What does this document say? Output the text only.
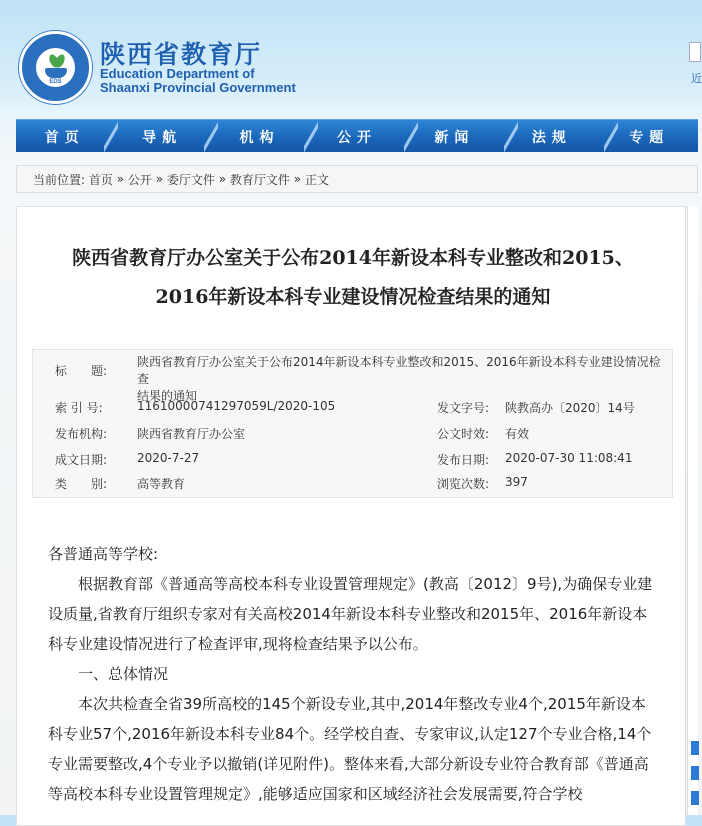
EDS
陕西省教育厅
Education Department of
Shaanxi Provincial Government
近
首页	导航	机构	公开	新闻	法规	专题
当前位置:
首页
»
公开
»
委厅文件
»
教育厅文件
»
正文
陕西省教育厅办公室关于公布2014年新设本科专业整改和2015、
2016年新设本科专业建设情况检查结果的通知
标　　题:
陕西省教育厅办公室关于公布2014年新设本科专业整改和2015、2016年新设本科专业建设情况检查
结果的通知
索 引 号:	11610000741297059L/2020-105	发文字号: 陕教高办〔2020〕14号
发布机构:	陕西省教育厅办公室	公文时效: 有效
成文日期:	2020-7-27	发布日期: 2020-07-30 11:08:41
类　　别:	高等教育	浏览次数: 397

各普通高等学校:

根据教育部《普通高等高校本科专业设置管理规定》(教高〔2012〕9号),为确保专业建设质量,省教育厅组织专家对有关高校2014年新设本科专业整改和2015年、2016年新设本科专业建设情况进行了检查评审,现将检查结果予以公布。

一、总体情况

本次共检查全省39所高校的145个新设专业,其中,2014年整改专业4个,2015年新设本科专业57个,2016年新设本科专业84个。经学校自查、专家审议,认定127个专业合格,14个专业需要整改,4个专业予以撤销(详见附件)。整体来看,大部分新设专业符合教育部《普通高等高校本科专业设置管理规定》,能够适应国家和区域经济社会发展需要,符合学校
